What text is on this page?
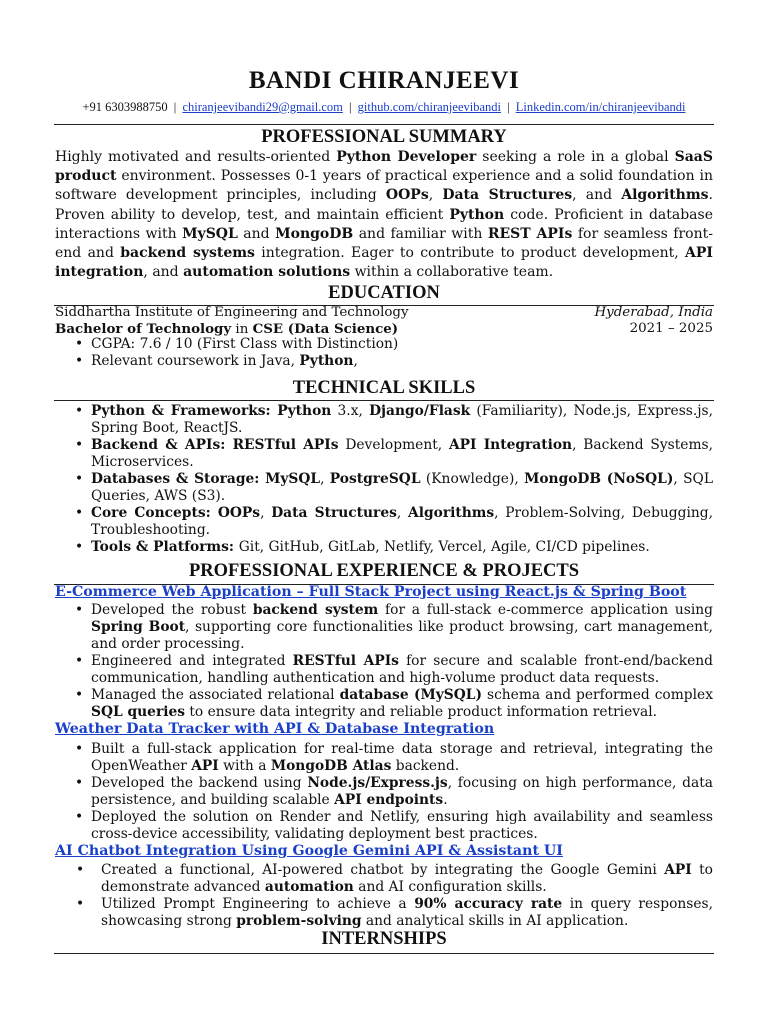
BANDI CHIRANJEEVI
+91 6303988750 | chiranjeevibandi29@gmail.com | github.com/chiranjeevibandi | Linkedin.com/in/chiranjeevibandi
PROFESSIONAL SUMMARY
Highly motivated and results-oriented Python Developer seeking a role in a global SaaS product environment. Possesses 0-1 years of practical experience and a solid foundation in software development principles, including OOPs, Data Structures, and Algorithms. Proven ability to develop, test, and maintain efficient Python code. Proficient in database interactions with MySQL and MongoDB and familiar with REST APIs for seamless front-end and backend systems integration. Eager to contribute to product development, API integration, and automation solutions within a collaborative team.
EDUCATION
Siddhartha Institute of Engineering and Technology	Hyderabad, India
Bachelor of Technology in CSE (Data Science)	2021 – 2025
• CGPA: 7.6 / 10 (First Class with Distinction)
• Relevant coursework in Java, Python,
TECHNICAL SKILLS
• Python & Frameworks: Python 3.x, Django/Flask (Familiarity), Node.js, Express.js, Spring Boot, ReactJS.
• Backend & APIs: RESTful APIs Development, API Integration, Backend Systems, Microservices.
• Databases & Storage: MySQL, PostgreSQL (Knowledge), MongoDB (NoSQL), SQL Queries, AWS (S3).
• Core Concepts: OOPs, Data Structures, Algorithms, Problem-Solving, Debugging, Troubleshooting.
• Tools & Platforms: Git, GitHub, GitLab, Netlify, Vercel, Agile, CI/CD pipelines.
PROFESSIONAL EXPERIENCE & PROJECTS
E-Commerce Web Application – Full Stack Project using React.js & Spring Boot
• Developed the robust backend system for a full-stack e-commerce application using Spring Boot, supporting core functionalities like product browsing, cart management, and order processing.
• Engineered and integrated RESTful APIs for secure and scalable front-end/backend communication, handling authentication and high-volume product data requests.
• Managed the associated relational database (MySQL) schema and performed complex SQL queries to ensure data integrity and reliable product information retrieval.
Weather Data Tracker with API & Database Integration
• Built a full-stack application for real-time data storage and retrieval, integrating the OpenWeather API with a MongoDB Atlas backend.
• Developed the backend using Node.js/Express.js, focusing on high performance, data persistence, and building scalable API endpoints.
• Deployed the solution on Render and Netlify, ensuring high availability and seamless cross-device accessibility, validating deployment best practices.
AI Chatbot Integration Using Google Gemini API & Assistant UI
• Created a functional, AI-powered chatbot by integrating the Google Gemini API to demonstrate advanced automation and AI configuration skills.
• Utilized Prompt Engineering to achieve a 90% accuracy rate in query responses, showcasing strong problem-solving and analytical skills in AI application.
INTERNSHIPS
